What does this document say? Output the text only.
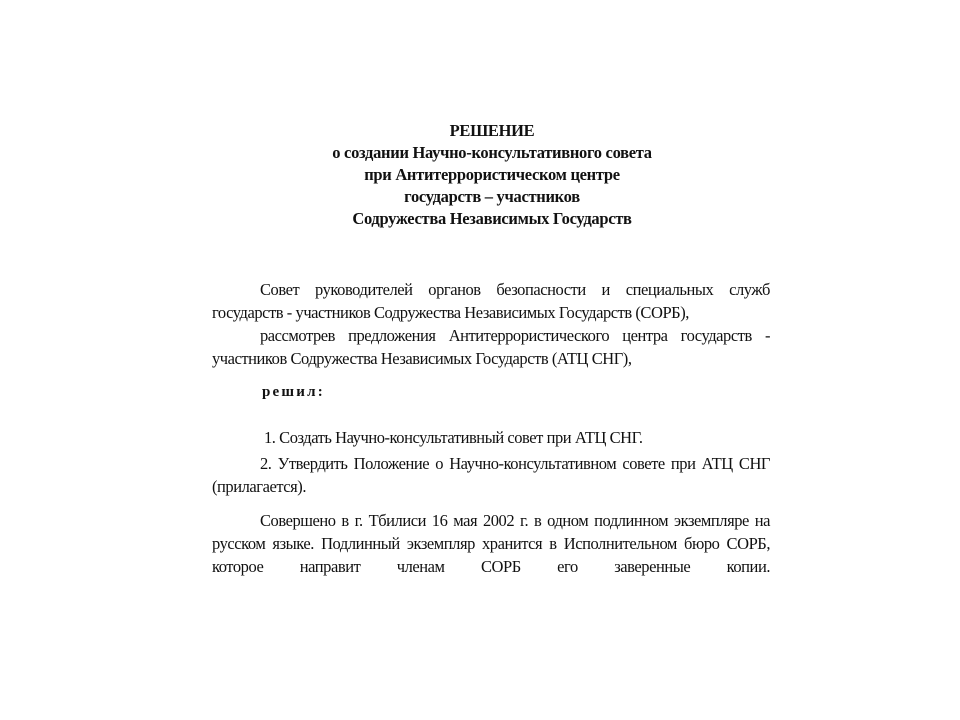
РЕШЕНИЕ
о создании Научно-консультативного совета
при Антитеррористическом центре
государств – участников
Содружества Независимых Государств

Совет руководителей органов безопасности и специальных служб государств - участников Содружества Независимых Государств (СОРБ),

рассмотрев предложения Антитеррористического центра государств - участников Содружества Независимых Государств (АТЦ СНГ),

решил:
1. Создать Научно-консультативный совет при АТЦ СНГ.

2. Утвердить Положение о Научно-консультативном совете при АТЦ СНГ (прилагается).

Совершено в г. Тбилиси 16 мая 2002 г. в одном подлинном экземпляре на русском языке. Подлинный экземпляр хранится в Исполнительном бюро СОРБ, которое направит членам СОРБ его заверенные копии.
